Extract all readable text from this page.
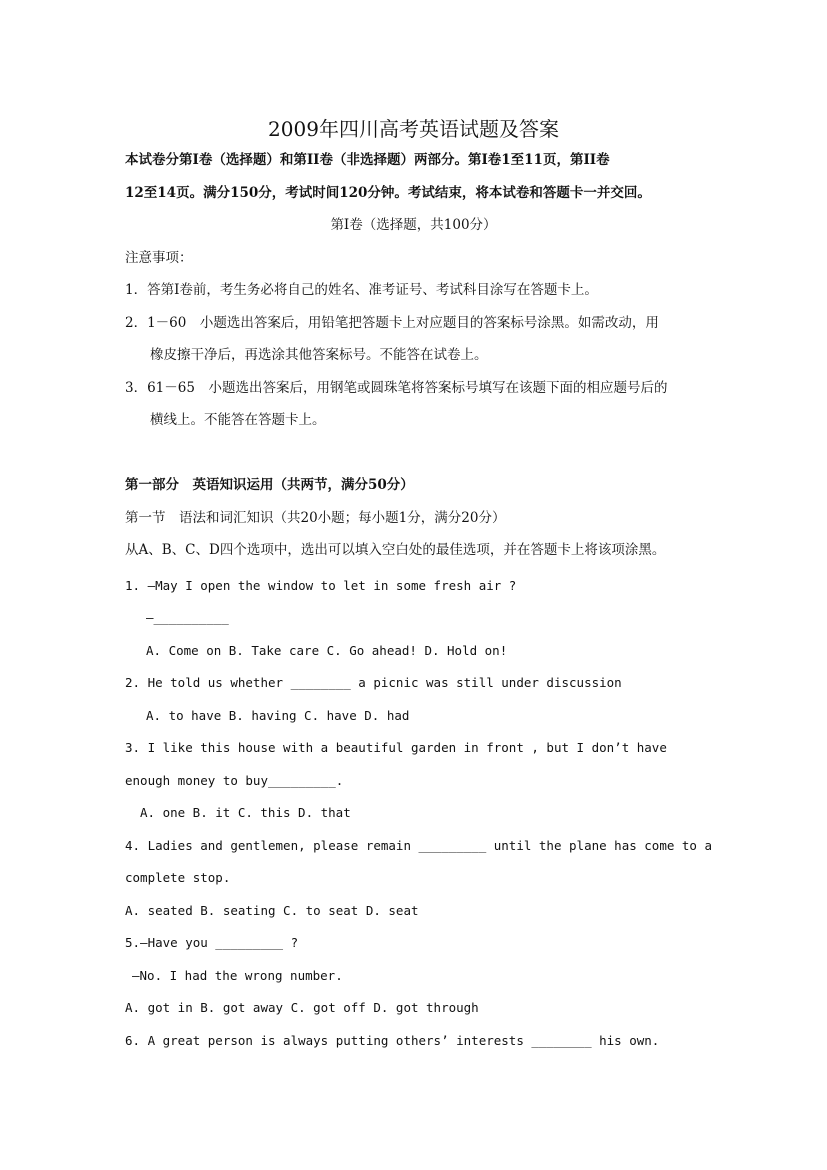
2009年四川高考英语试题及答案
本试卷分第Ⅰ卷（选择题）和第II卷（非选择题）两部分。第Ⅰ卷1至11页，第II卷
12至14页。满分150分，考试时间120分钟。考试结束，将本试卷和答题卡一并交回。
第Ⅰ卷（选择题，共100分）
注意事项：
1．答第Ⅰ卷前，考生务必将自己的姓名、准考证号、考试科目涂写在答题卡上。
2．1－60　小题选出答案后，用铅笔把答题卡上对应题目的答案标号涂黑。如需改动，用
橡皮擦干净后，再选涂其他答案标号。不能答在试卷上。
3．61－65　小题选出答案后，用钢笔或圆珠笔将答案标号填写在该题下面的相应题号后的
横线上。不能答在答题卡上。
第一部分　英语知识运用（共两节，满分50分）
第一节　语法和词汇知识（共20小题；每小题1分，满分20分）
从A、B、C、D四个选项中，选出可以填入空白处的最佳选项，并在答题卡上将该项涂黑。
1. —May I open the window to let in some fresh air ?
—__________
A. Come on B. Take care C. Go ahead! D. Hold on!
2. He told us whether ________ a picnic was still under discussion
A. to have B. having C. have D. had
3. I like this house with a beautiful garden in front , but I don’t have
enough money to buy_________.
A. one B. it C. this D. that
4. Ladies and gentlemen, please remain _________ until the plane has come to a
complete stop.
A. seated B. seating C. to seat D. seat
5.—Have you _________ ?
—No. I had the wrong number.
A. got in B. got away C. got off D. got through
6. A great person is always putting others’ interests ________ his own.
